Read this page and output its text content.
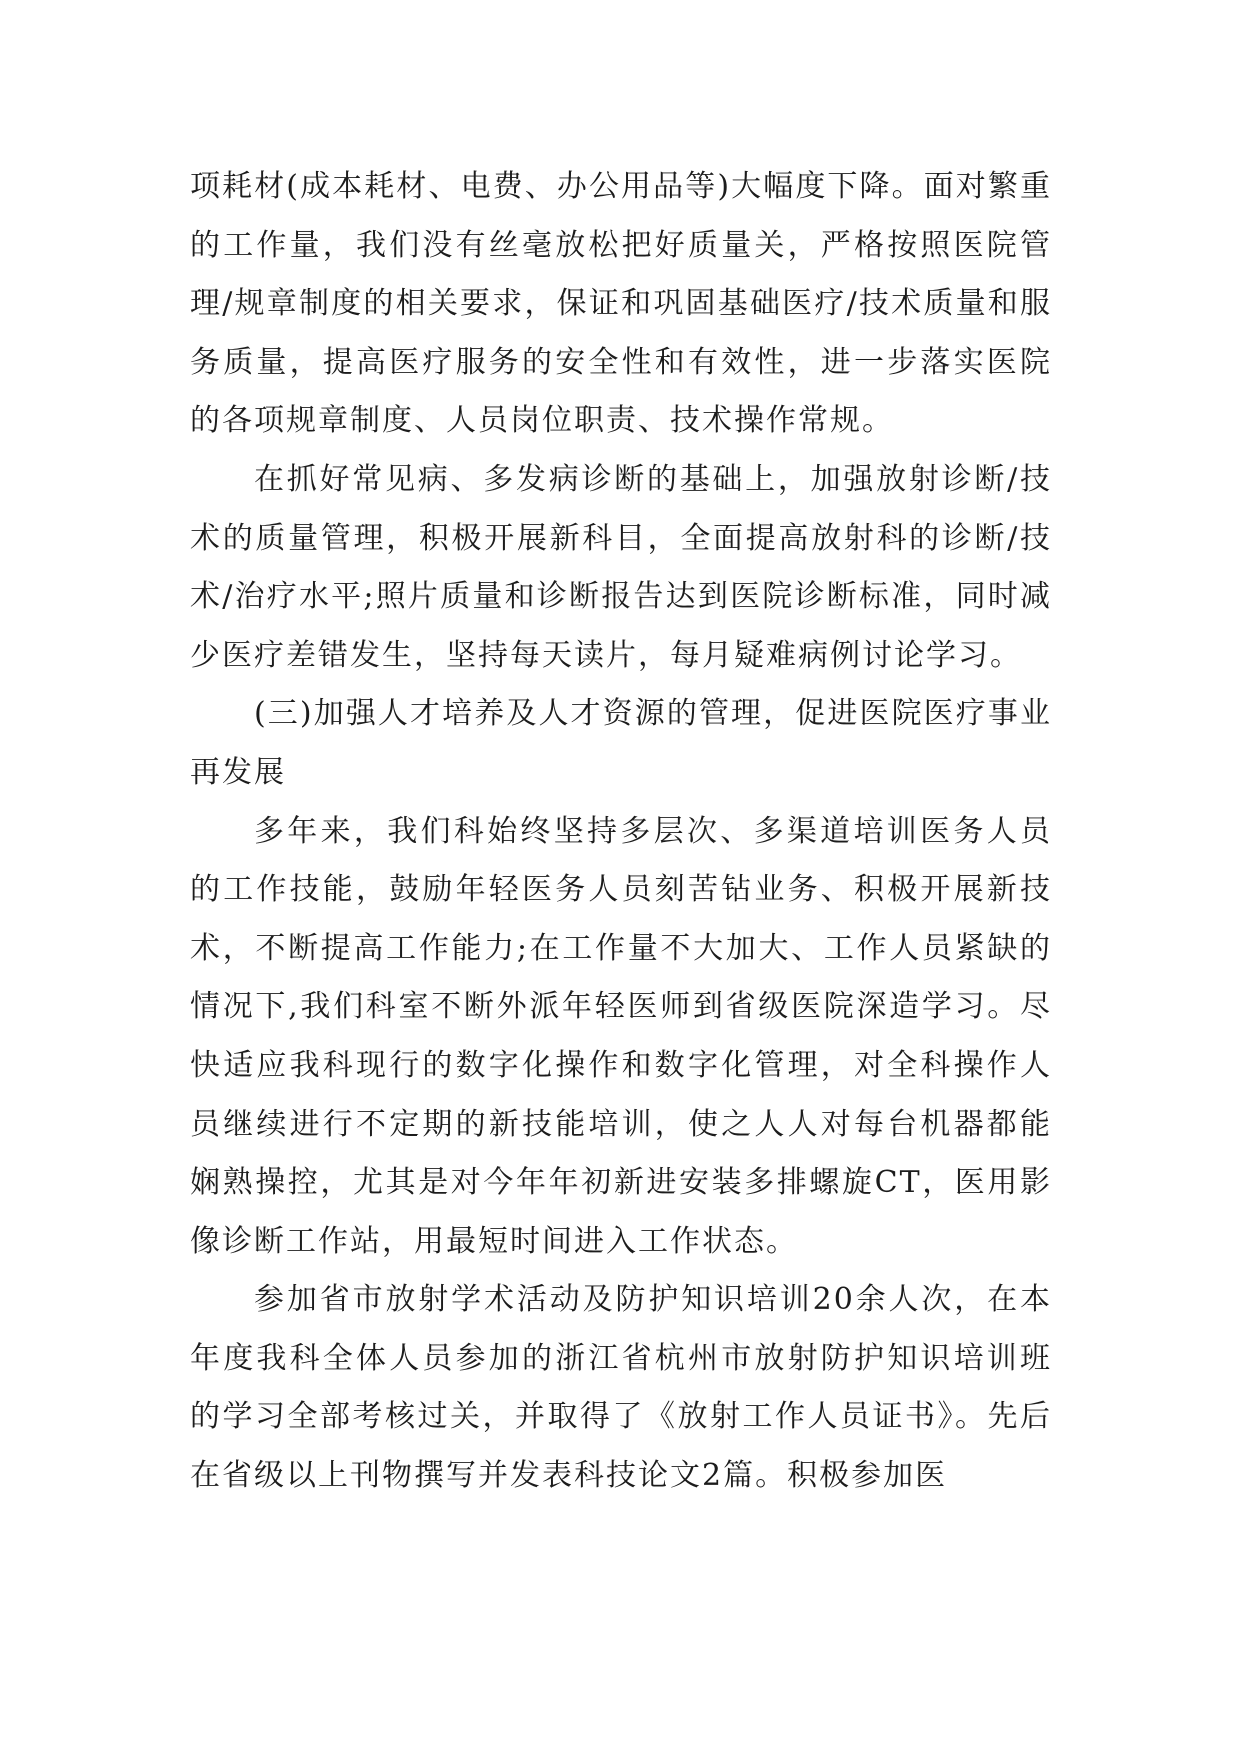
项耗材(成本耗材、电费、办公用品等)大幅度下降。面对繁重的工作量，我们没有丝毫放松把好质量关，严格按照医院管理/规章制度的相关要求，保证和巩固基础医疗/技术质量和服务质量，提高医疗服务的安全性和有效性，进一步落实医院的各项规章制度、人员岗位职责、技术操作常规。

在抓好常见病、多发病诊断的基础上，加强放射诊断/技术的质量管理，积极开展新科目，全面提高放射科的诊断/技术/治疗水平;照片质量和诊断报告达到医院诊断标准，同时减少医疗差错发生，坚持每天读片，每月疑难病例讨论学习。

(三)加强人才培养及人才资源的管理，促进医院医疗事业再发展

多年来，我们科始终坚持多层次、多渠道培训医务人员的工作技能，鼓励年轻医务人员刻苦钻业务、积极开展新技术，不断提高工作能力;在工作量不大加大、工作人员紧缺的情况下,我们科室不断外派年轻医师到省级医院深造学习。尽快适应我科现行的数字化操作和数字化管理，对全科操作人员继续进行不定期的新技能培训，使之人人对每台机器都能娴熟操控，尤其是对今年年初新进安装多排螺旋CT，医用影像诊断工作站，用最短时间进入工作状态。

参加省市放射学术活动及防护知识培训20余人次，在本年度我科全体人员参加的浙江省杭州市放射防护知识培训班的学习全部考核过关，并取得了《放射工作人员证书》。先后在省级以上刊物撰写并发表科技论文2篇。积极参加医
